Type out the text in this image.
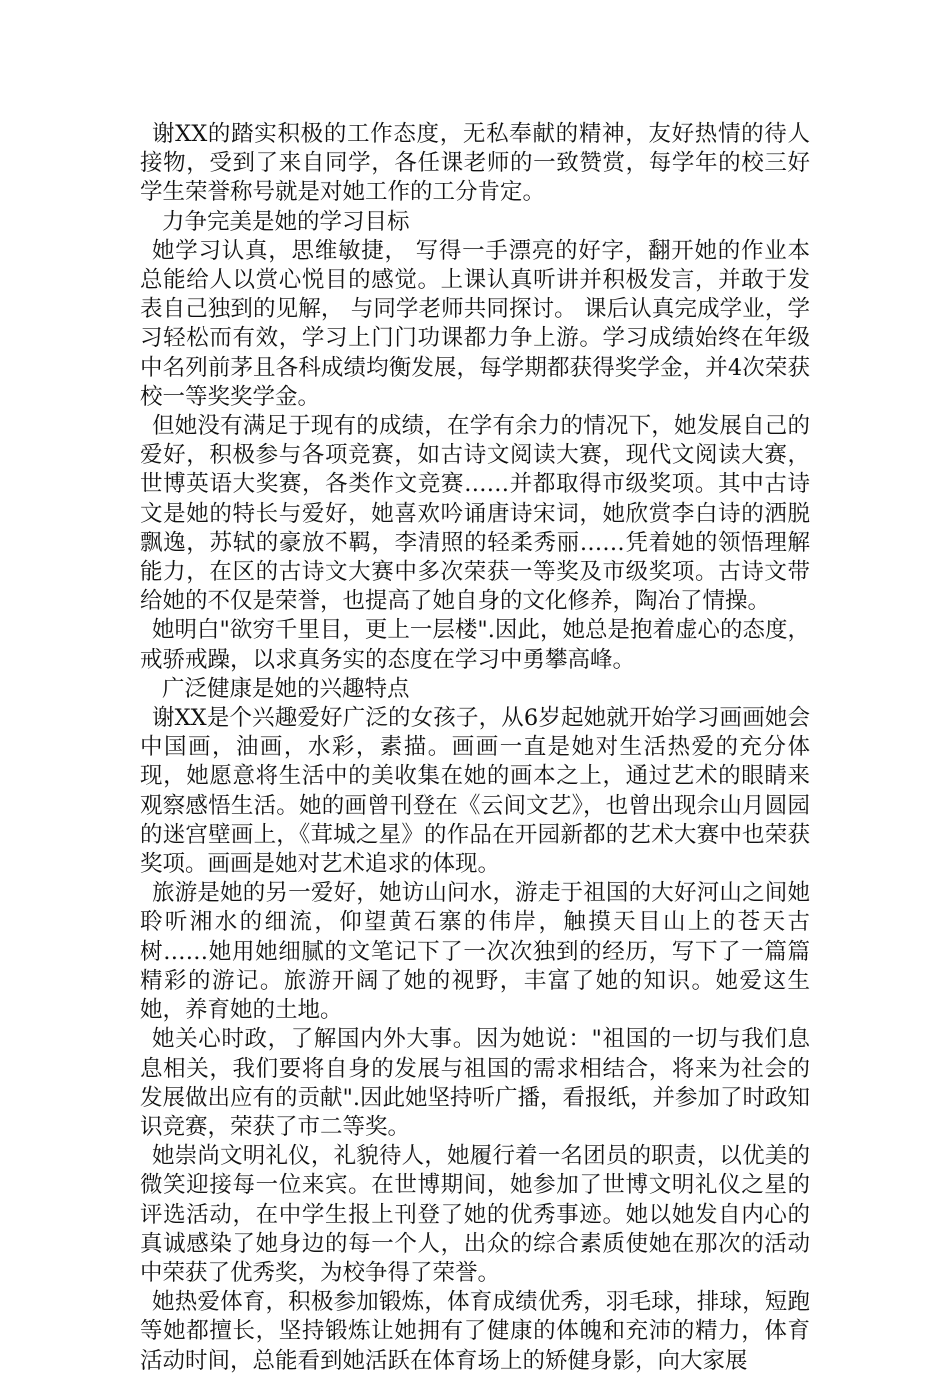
谢XX的踏实积极的工作态度，无私奉献的精神，友好热情的待人接物，受到了来自同学，各任课老师的一致赞赏，每学年的校三好学生荣誉称号就是对她工作的工分肯定。

力争完美是她的学习目标

她学习认真，思维敏捷， 写得一手漂亮的好字，翻开她的作业本总能给人以赏心悦目的感觉。上课认真听讲并积极发言，并敢于发表自己独到的见解， 与同学老师共同探讨。 课后认真完成学业，学习轻松而有效，学习上门门功课都力争上游。学习成绩始终在年级中名列前茅且各科成绩均衡发展，每学期都获得奖学金，并4次荣获校一等奖奖学金。

但她没有满足于现有的成绩，在学有余力的情况下，她发展自己的爱好，积极参与各项竞赛，如古诗文阅读大赛，现代文阅读大赛，世博英语大奖赛，各类作文竞赛……并都取得市级奖项。其中古诗文是她的特长与爱好，她喜欢吟诵唐诗宋词，她欣赏李白诗的洒脱飘逸，苏轼的豪放不羁，李清照的轻柔秀丽……凭着她的领悟理解能力，在区的古诗文大赛中多次荣获一等奖及市级奖项。古诗文带给她的不仅是荣誉，也提高了她自身的文化修养，陶冶了情操。

她明白"欲穷千里目，更上一层楼".因此，她总是抱着虚心的态度，戒骄戒躁，以求真务实的态度在学习中勇攀高峰。

广泛健康是她的兴趣特点

谢XX是个兴趣爱好广泛的女孩子，从6岁起她就开始学习画画她会中国画，油画，水彩，素描。画画一直是她对生活热爱的充分体现，她愿意将生活中的美收集在她的画本之上，通过艺术的眼睛来观察感悟生活。她的画曾刊登在《云间文艺》，也曾出现佘山月圆园的迷宫壁画上，《茸城之星》的作品在开园新都的艺术大赛中也荣获奖项。画画是她对艺术追求的体现。

旅游是她的另一爱好，她访山问水，游走于祖国的大好河山之间她聆听湘水的细流，仰望黄石寨的伟岸，触摸天目山上的苍天古树……她用她细腻的文笔记下了一次次独到的经历，写下了一篇篇精彩的游记。旅游开阔了她的视野，丰富了她的知识。她爱这生她，养育她的土地。

她关心时政，了解国内外大事。因为她说："祖国的一切与我们息息相关，我们要将自身的发展与祖国的需求相结合，将来为社会的发展做出应有的贡献".因此她坚持听广播，看报纸，并参加了时政知识竞赛，荣获了市二等奖。

她崇尚文明礼仪，礼貌待人，她履行着一名团员的职责，以优美的微笑迎接每一位来宾。在世博期间，她参加了世博文明礼仪之星的评选活动，在中学生报上刊登了她的优秀事迹。她以她发自内心的真诚感染了她身边的每一个人，出众的综合素质使她在那次的活动中荣获了优秀奖，为校争得了荣誉。

她热爱体育，积极参加锻炼，体育成绩优秀，羽毛球，排球，短跑等她都擅长，坚持锻炼让她拥有了健康的体魄和充沛的精力，体育活动时间，总能看到她活跃在体育场上的矫健身影，向大家展
